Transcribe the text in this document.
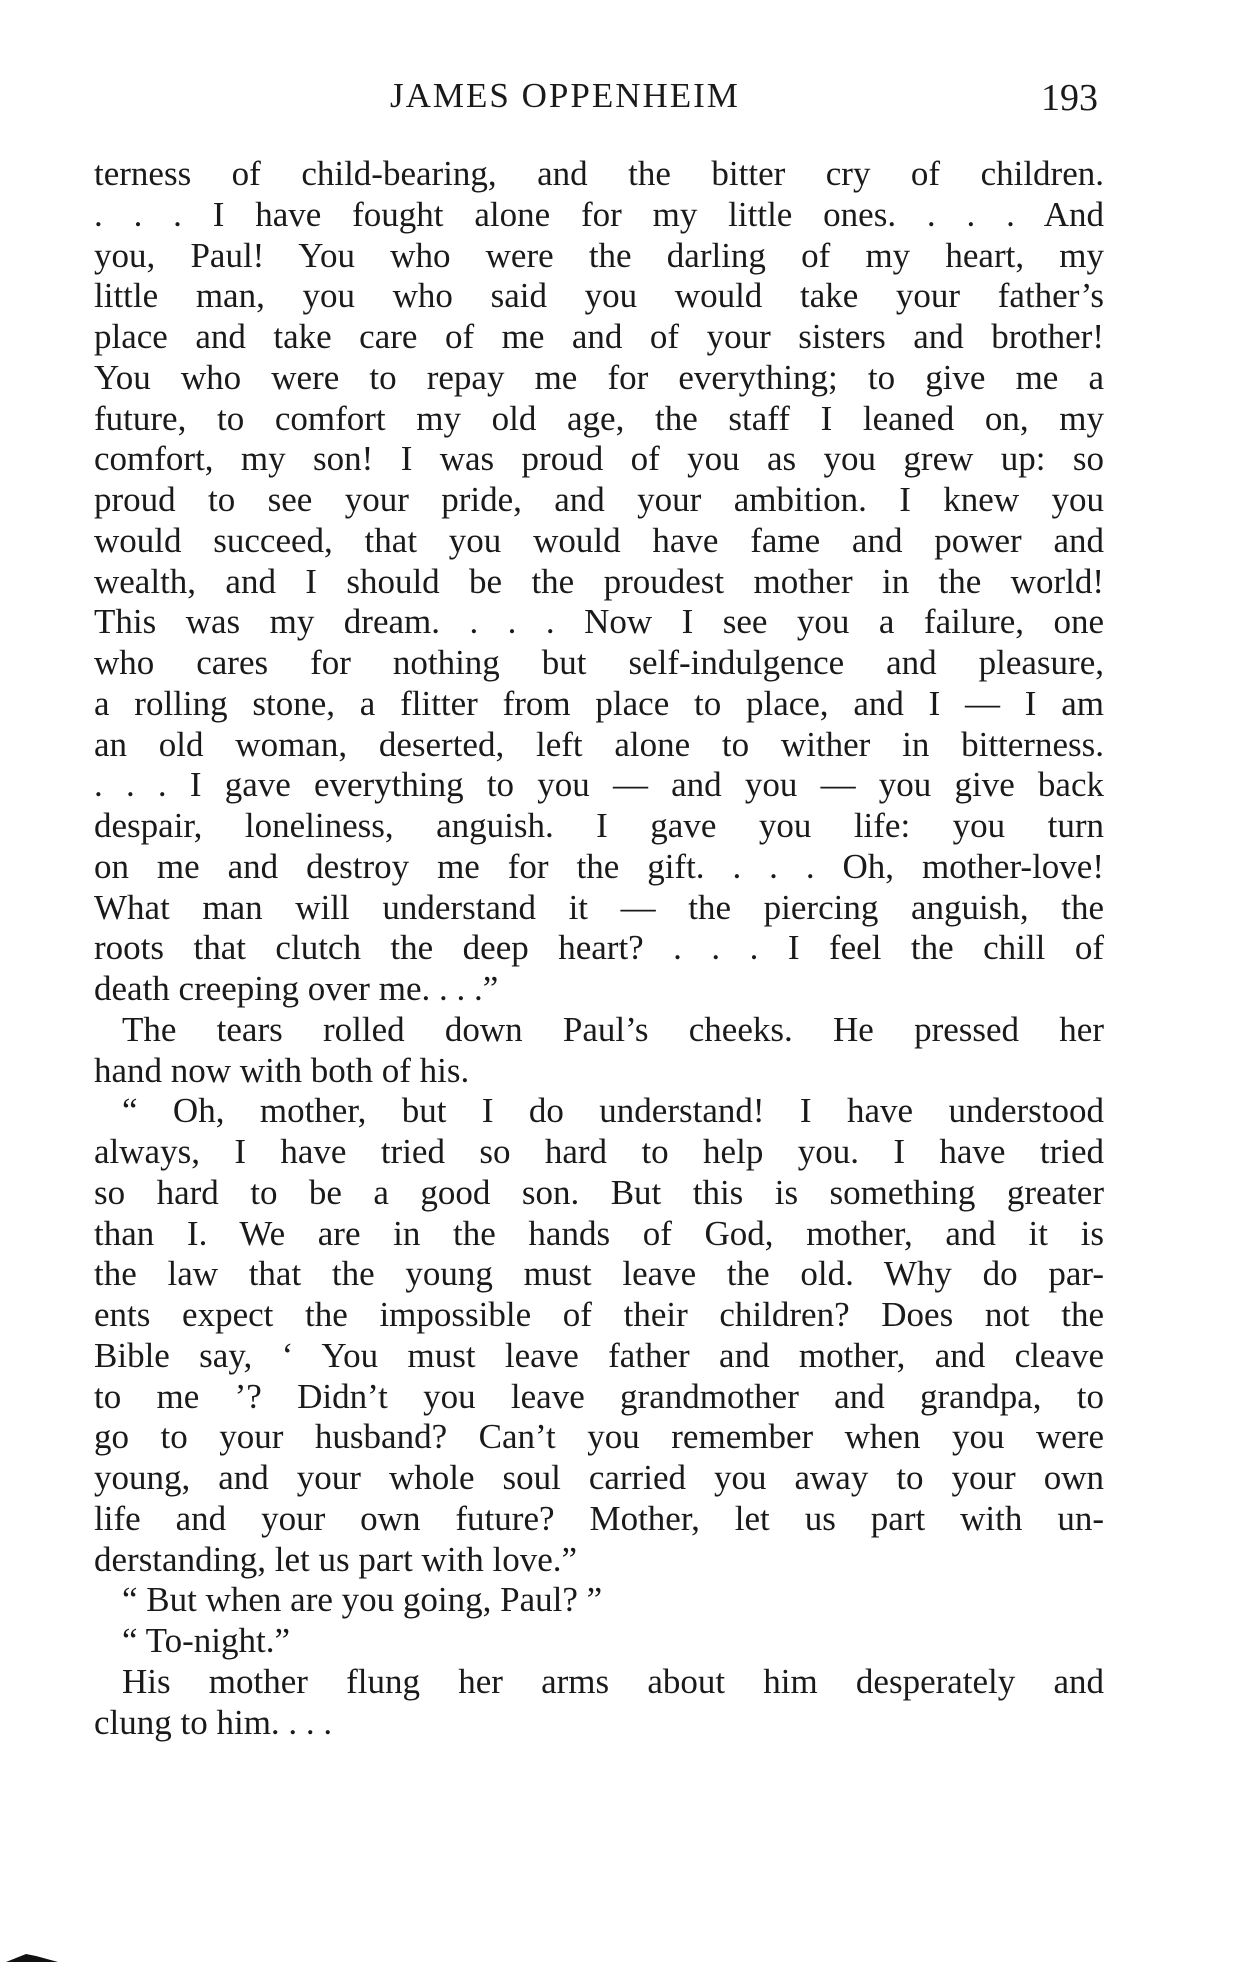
JAMES OPPENHEIM	193
terness of child-bearing, and the bitter cry of children.
. . . I have fought alone for my little ones. . . . And
you, Paul! You who were the darling of my heart, my
little man, you who said you would take your father’s
place and take care of me and of your sisters and brother!
You who were to repay me for everything; to give me a
future, to comfort my old age, the staff I leaned on, my
comfort, my son! I was proud of you as you grew up: so
proud to see your pride, and your ambition. I knew you
would succeed, that you would have fame and power and
wealth, and I should be the proudest mother in the world!
This was my dream. . . . Now I see you a failure, one
who cares for nothing but self-indulgence and pleasure,
a rolling stone, a flitter from place to place, and I — I am
an old woman, deserted, left alone to wither in bitterness.
. . . I gave everything to you — and you — you give back
despair, loneliness, anguish. I gave you life: you turn
on me and destroy me for the gift. . . . Oh, mother-love!
What man will understand it — the piercing anguish, the
roots that clutch the deep heart? . . . I feel the chill of
death creeping over me. . . .”
The tears rolled down Paul’s cheeks. He pressed her
hand now with both of his.
“ Oh, mother, but I do understand! I have understood
always, I have tried so hard to help you. I have tried
so hard to be a good son. But this is something greater
than I. We are in the hands of God, mother, and it is
the law that the young must leave the old. Why do par-
ents expect the impossible of their children? Does not the
Bible say, ‘ You must leave father and mother, and cleave
to me ’? Didn’t you leave grandmother and grandpa, to
go to your husband? Can’t you remember when you were
young, and your whole soul carried you away to your own
life and your own future? Mother, let us part with un-
derstanding, let us part with love.”
“ But when are you going, Paul? ”
“ To-night.”
His mother flung her arms about him desperately and
clung to him. . . .
